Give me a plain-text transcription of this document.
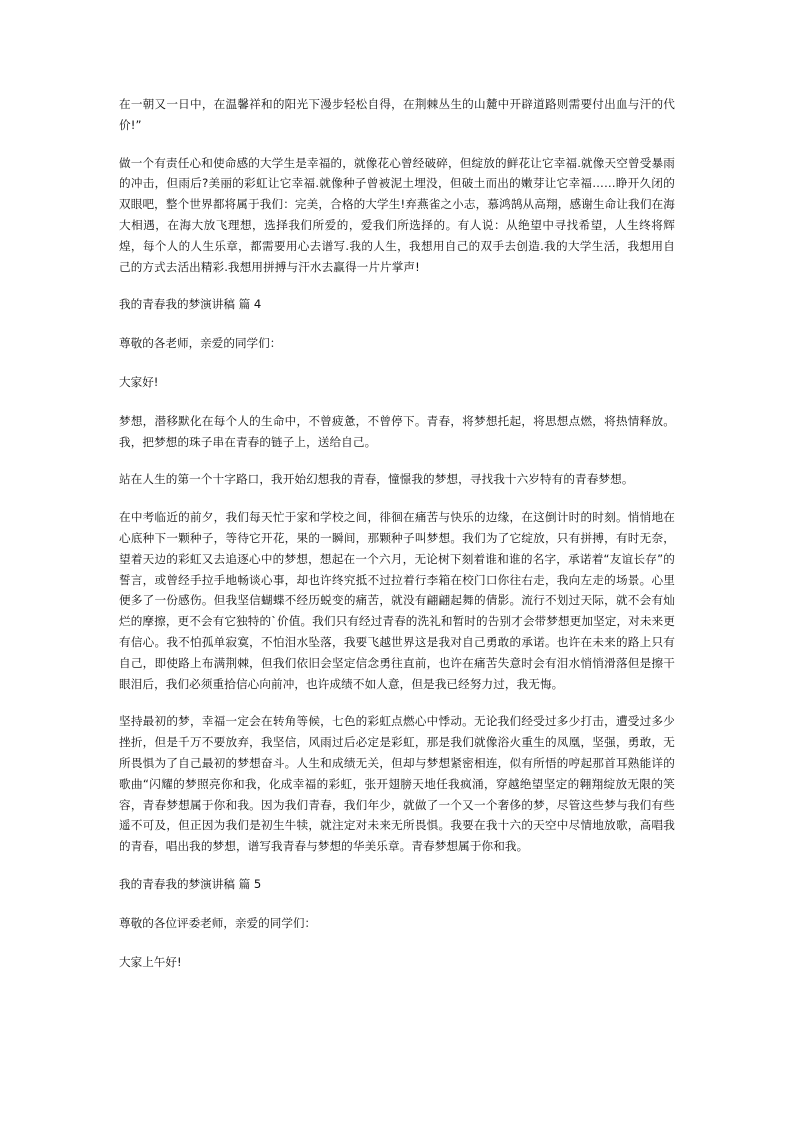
在一朝又一日中，在温馨祥和的阳光下漫步轻松自得，在荆棘丛生的山麓中开辟道路则需要付出血与汗的代价!”

做一个有责任心和使命感的大学生是幸福的，就像花心曾经破碎，但绽放的鲜花让它幸福.就像天空曾受暴雨的冲击，但雨后?美丽的彩虹让它幸福.就像种子曾被泥土埋没，但破土而出的嫩芽让它幸福……睁开久闭的双眼吧，整个世界都将属于我们：完美，合格的大学生!弃燕雀之小志，慕鸿鹄从高翔，感谢生命让我们在海大相遇，在海大放飞理想，选择我们所爱的，爱我们所选择的。有人说：从绝望中寻找希望，人生终将辉煌，每个人的人生乐章，都需要用心去谱写.我的人生，我想用自己的双手去创造.我的大学生活，我想用自己的方式去活出精彩.我想用拼搏与汗水去赢得一片片掌声!

我的青春我的梦演讲稿 篇 4

尊敬的各老师，亲爱的同学们：

大家好!

梦想，潜移默化在每个人的生命中，不曾疲惫，不曾停下。青春，将梦想托起，将思想点燃，将热情释放。我，把梦想的珠子串在青春的链子上，送给自己。

站在人生的第一个十字路口，我开始幻想我的青春，憧憬我的梦想，寻找我十六岁特有的青春梦想。

在中考临近的前夕，我们每天忙于家和学校之间，徘徊在痛苦与快乐的边缘，在这倒计时的时刻。悄悄地在心底种下一颗种子，等待它开花，果的一瞬间，那颗种子叫梦想。我们为了它绽放，只有拼搏，有时无奈，望着天边的彩虹又去追逐心中的梦想，想起在一个六月，无论树下刻着谁和谁的名字，承诺着“友谊长存”的誓言，或曾经手拉手地畅谈心事，却也许终究抵不过拉着行李箱在校门口你往右走，我向左走的场景。心里便多了一份感伤。但我坚信蝴蝶不经历蜕变的痛苦，就没有翩翩起舞的倩影。流行不划过天际，就不会有灿烂的摩擦，更不会有它独特的`价值。我们只有经过青春的洗礼和暂时的告别才会带梦想更加坚定，对未来更有信心。我不怕孤单寂寞，不怕泪水坠落，我要飞越世界这是我对自己勇敢的承诺。也许在未来的路上只有自己，即使路上布满荆棘，但我们依旧会坚定信念勇往直前，也许在痛苦失意时会有泪水悄悄滑落但是擦干眼泪后，我们必须重拾信心向前冲，也许成绩不如人意，但是我已经努力过，我无悔。

坚持最初的梦，幸福一定会在转角等候，七色的彩虹点燃心中悸动。无论我们经受过多少打击，遭受过多少挫折，但是千万不要放弃，我坚信，风雨过后必定是彩虹，那是我们就像浴火重生的凤凰，坚强，勇敢，无所畏惧为了自己最初的梦想奋斗。人生和成绩无关，但却与梦想紧密相连，似有所悟的哼起那首耳熟能详的歌曲“闪耀的梦照亮你和我，化成幸福的彩虹，张开翅膀天地任我疯涌，穿越绝望坚定的翱翔绽放无限的笑容，青春梦想属于你和我。因为我们青春，我们年少，就做了一个又一个奢侈的梦，尽管这些梦与我们有些遥不可及，但正因为我们是初生牛犊，就注定对未来无所畏惧。我要在我十六的天空中尽情地放歌，高唱我的青春，唱出我的梦想，谱写我青春与梦想的华美乐章。青春梦想属于你和我。

我的青春我的梦演讲稿 篇 5

尊敬的各位评委老师，亲爱的同学们：

大家上午好!
